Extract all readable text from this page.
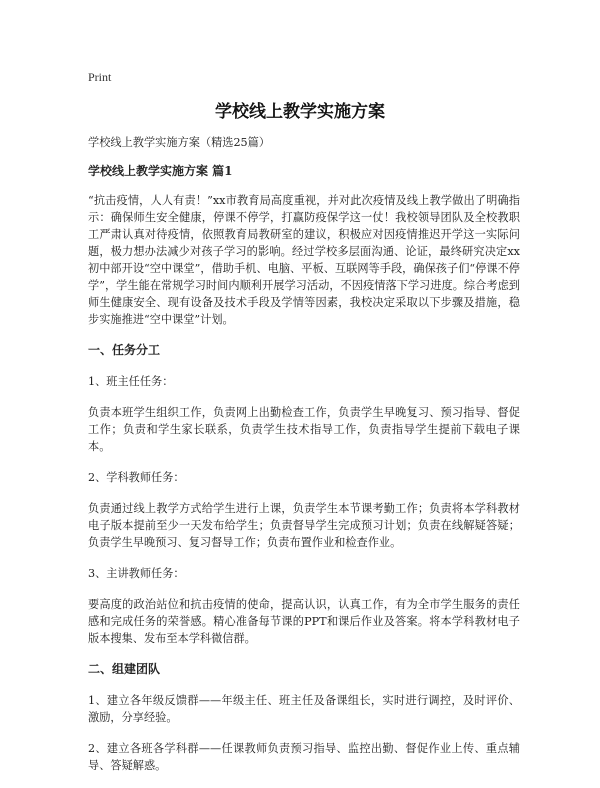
Print
学校线上教学实施方案

学校线上教学实施方案（精选25篇）

学校线上教学实施方案 篇1

“抗击疫情，人人有责！”xx市教育局高度重视，并对此次疫情及线上教学做出了明确指示：确保师生安全健康，停课不停学，打赢防疫保学这一仗！我校领导团队及全校教职工严肃认真对待疫情，依照教育局教研室的建议，积极应对因疫情推迟开学这一实际问题，极力想办法减少对孩子学习的影响。经过学校多层面沟通、论证，最终研究决定xx初中部开设“空中课堂”，借助手机、电脑、平板、互联网等手段，确保孩子们“停课不停学”，学生能在常规学习时间内顺利开展学习活动，不因疫情落下学习进度。综合考虑到师生健康安全、现有设备及技术手段及学情等因素，我校决定采取以下步骤及措施，稳步实施推进“空中课堂”计划。

一、任务分工

1、班主任任务：

负责本班学生组织工作，负责网上出勤检查工作，负责学生早晚复习、预习指导、督促工作；负责和学生家长联系，负责学生技术指导工作，负责指导学生提前下载电子课本。

2、学科教师任务：

负责通过线上教学方式给学生进行上课，负责学生本节课考勤工作；负责将本学科教材电子版本提前至少一天发布给学生；负责督导学生完成预习计划；负责在线解疑答疑；负责学生早晚预习、复习督导工作；负责布置作业和检查作业。

3、主讲教师任务：

要高度的政治站位和抗击疫情的使命，提高认识，认真工作，有为全市学生服务的责任感和完成任务的荣誉感。精心准备每节课的PPT和课后作业及答案。将本学科教材电子版本搜集、发布至本学科微信群。

二、组建团队

1、建立各年级反馈群——年级主任、班主任及备课组长，实时进行调控，及时评价、激励，分享经验。

2、建立各班各学科群——任课教师负责预习指导、监控出勤、督促作业上传、重点辅导、答疑解惑。
